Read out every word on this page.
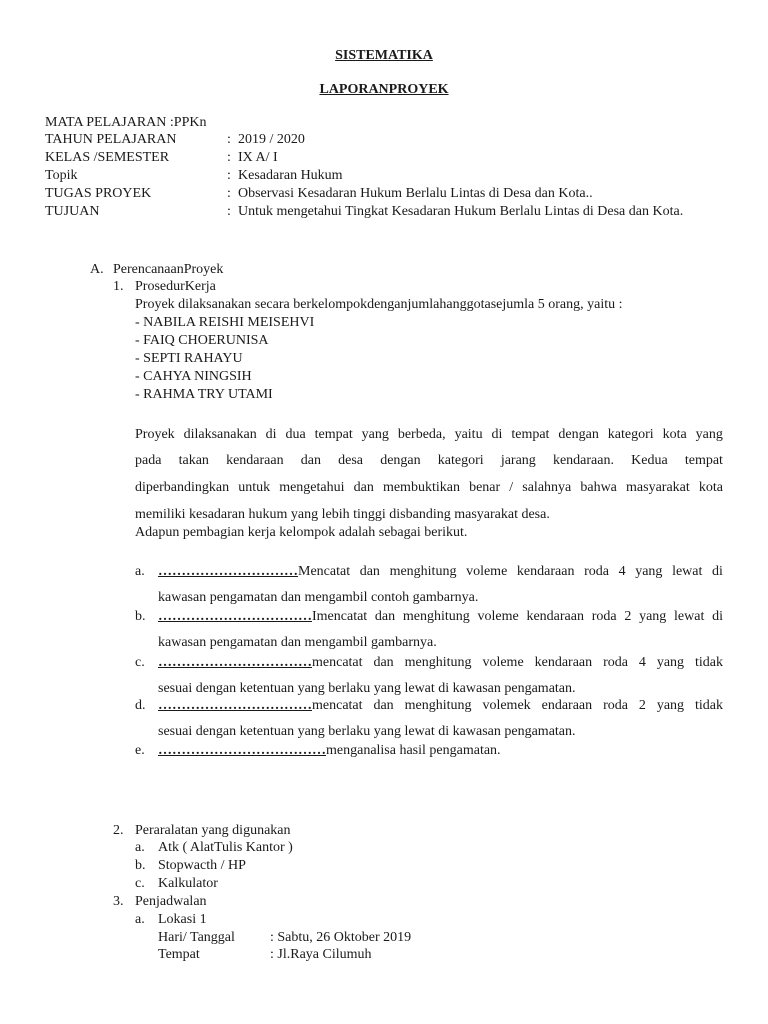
SISTEMATIKA
LAPORANPROYEK
MATA PELAJARAN :PPKn
TAHUN PELAJARAN	: 2019 / 2020
KELAS /SEMESTER	: IX A/ I
Topik	: Kesadaran Hukum
TUGAS PROYEK	: Observasi Kesadaran Hukum Berlalu Lintas di Desa dan Kota..
TUJUAN	: Untuk mengetahui Tingkat Kesadaran Hukum Berlalu Lintas di Desa dan Kota.
A. PerencanaanProyek
1. ProsedurKerja
Proyek dilaksanakan secara berkelompokdenganjumlahanggotasejumla 5 orang, yaitu :
- NABILA REISHI MEISEHVI
- FAIQ CHOERUNISA
- SEPTI RAHAYU
- CAHYA NINGSIH
- RAHMA TRY UTAMI
Proyek dilaksanakan di dua tempat yang berbeda, yaitu di tempat dengan kategori kota yang
pada takan kendaraan dan desa dengan kategori jarang kendaraan. Kedua tempat
diperbandingkan untuk mengetahui dan membuktikan benar / salahnya bahwa masyarakat kota
memiliki kesadaran hukum yang lebih tinggi disbanding masyarakat desa.
Adapun pembagian kerja kelompok adalah sebagai berikut.
a. …………………………Mencatat dan menghitung voleme kendaraan roda 4 yang lewat di
kawasan pengamatan dan mengambil contoh gambarnya.
b. ……………………………Imencatat dan menghitung voleme kendaraan roda 2 yang lewat di
kawasan pengamatan dan mengambil gambarnya.
c. ……………………………mencatat dan menghitung voleme kendaraan roda 4 yang tidak
sesuai dengan ketentuan yang berlaku yang lewat di kawasan pengamatan.
d. ……………………………mencatat dan menghitung volemek endaraan roda 2 yang tidak
sesuai dengan ketentuan yang berlaku yang lewat di kawasan pengamatan.
e. ………………………………menganalisa hasil pengamatan.
2. Peraralatan yang digunakan
a. Atk ( AlatTulis Kantor )
b. Stopwacth / HP
c. Kalkulator
3. Penjadwalan
a. Lokasi 1
Hari/ Tanggal	: Sabtu, 26 Oktober 2019
Tempat	: Jl.Raya Cilumuh
